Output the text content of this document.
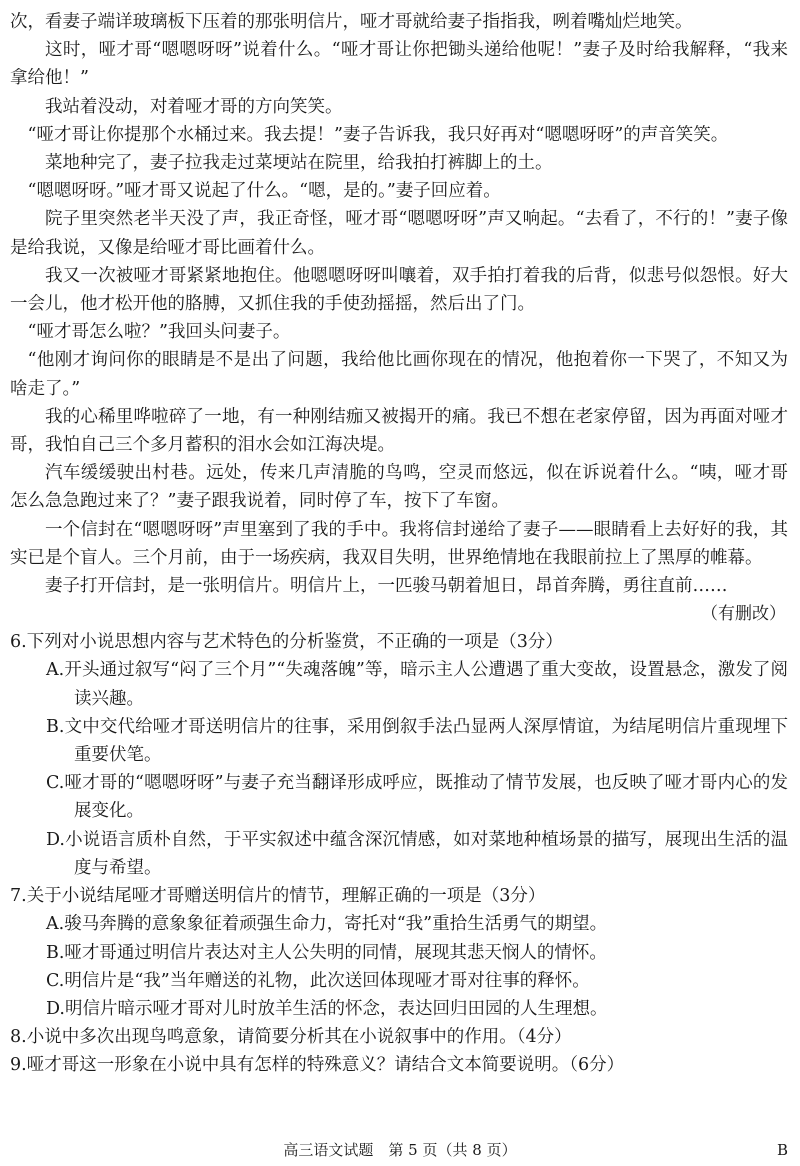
次，看妻子端详玻璃板下压着的那张明信片，哑才哥就给妻子指指我，咧着嘴灿烂地笑。

这时，哑才哥“嗯嗯呀呀”说着什么。“哑才哥让你把锄头递给他呢！”妻子及时给我解释，“我来拿给他！”

我站着没动，对着哑才哥的方向笑笑。

“哑才哥让你提那个水桶过来。我去提！”妻子告诉我，我只好再对“嗯嗯呀呀”的声音笑笑。

菜地种完了，妻子拉我走过菜埂站在院里，给我拍打裤脚上的土。

“嗯嗯呀呀。”哑才哥又说起了什么。“嗯，是的。”妻子回应着。

院子里突然老半天没了声，我正奇怪，哑才哥“嗯嗯呀呀”声又响起。“去看了，不行的！”妻子像是给我说，又像是给哑才哥比画着什么。

我又一次被哑才哥紧紧地抱住。他嗯嗯呀呀叫嚷着，双手拍打着我的后背，似悲号似怨恨。好大一会儿，他才松开他的胳膊，又抓住我的手使劲摇摇，然后出了门。

“哑才哥怎么啦？”我回头问妻子。

“他刚才询问你的眼睛是不是出了问题，我给他比画你现在的情况，他抱着你一下哭了，不知又为啥走了。”

我的心稀里哗啦碎了一地，有一种刚结痂又被揭开的痛。我已不想在老家停留，因为再面对哑才哥，我怕自己三个多月蓄积的泪水会如江海决堤。

汽车缓缓驶出村巷。远处，传来几声清脆的鸟鸣，空灵而悠远，似在诉说着什么。“咦，哑才哥怎么急急跑过来了？”妻子跟我说着，同时停了车，按下了车窗。

一个信封在“嗯嗯呀呀”声里塞到了我的手中。我将信封递给了妻子——眼睛看上去好好的我，其实已是个盲人。三个月前，由于一场疾病，我双目失明，世界绝情地在我眼前拉上了黑厚的帷幕。

妻子打开信封，是一张明信片。明信片上，一匹骏马朝着旭日，昂首奔腾，勇往直前……

（有删改）

6.下列对小说思想内容与艺术特色的分析鉴赏，不正确的一项是（3分）

A.开头通过叙写“闷了三个月”“失魂落魄”等，暗示主人公遭遇了重大变故，设置悬念，激发了阅读兴趣。

B.文中交代给哑才哥送明信片的往事，采用倒叙手法凸显两人深厚情谊，为结尾明信片重现埋下重要伏笔。

C.哑才哥的“嗯嗯呀呀”与妻子充当翻译形成呼应，既推动了情节发展，也反映了哑才哥内心的发展变化。

D.小说语言质朴自然，于平实叙述中蕴含深沉情感，如对菜地种植场景的描写，展现出生活的温度与希望。

7.关于小说结尾哑才哥赠送明信片的情节，理解正确的一项是（3分）

A.骏马奔腾的意象象征着顽强生命力，寄托对“我”重拾生活勇气的期望。

B.哑才哥通过明信片表达对主人公失明的同情，展现其悲天悯人的情怀。

C.明信片是“我”当年赠送的礼物，此次送回体现哑才哥对往事的释怀。

D.明信片暗示哑才哥对儿时放羊生活的怀念，表达回归田园的人生理想。

8.小说中多次出现鸟鸣意象，请简要分析其在小说叙事中的作用。（4分）

9.哑才哥这一形象在小说中具有怎样的特殊意义？请结合文本简要说明。（6分）

高三语文试题　第 5 页（共 8 页）	B
